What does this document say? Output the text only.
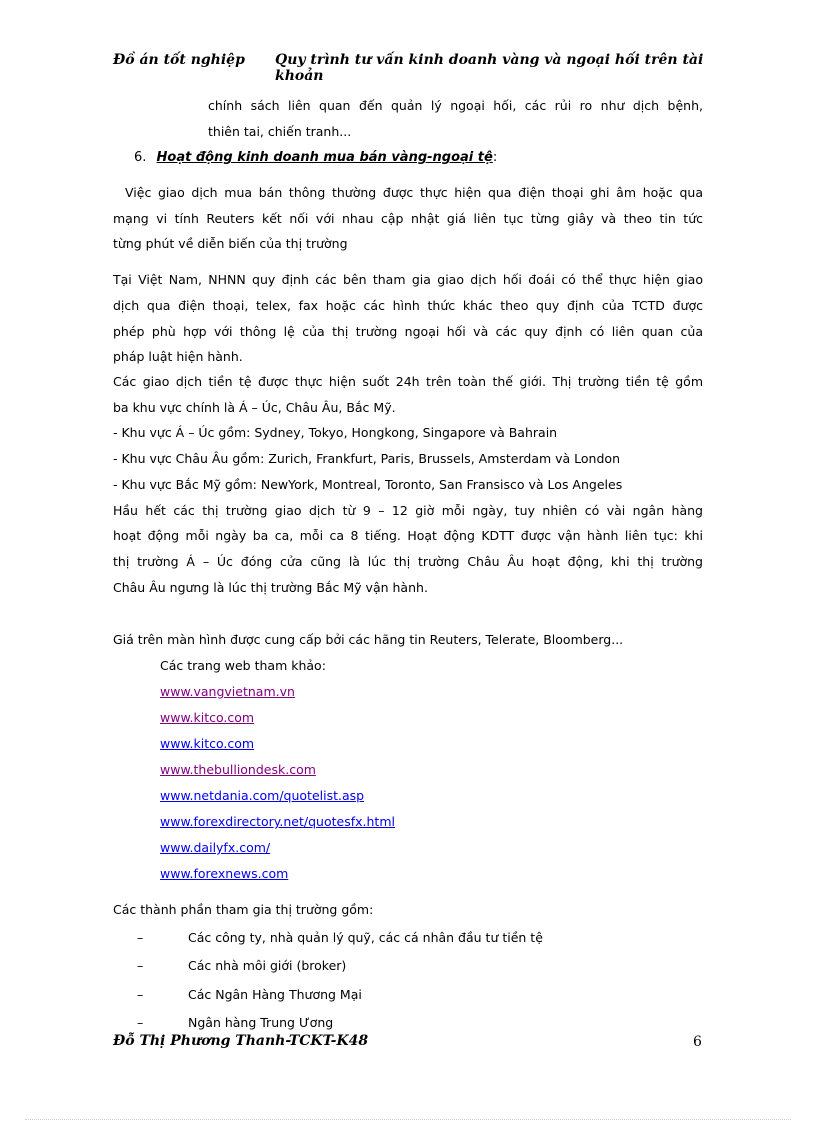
Đồ án tốt nghiệp Quy trình tư vấn kinh doanh vàng và ngoại hối trên tài khoản
chính sách liên quan đến quản lý ngoại hối, các rủi ro như dịch bệnh,
thiên tai, chiến tranh...
6. Hoạt động kinh doanh mua bán vàng-ngoại tệ:
Việc giao dịch mua bán thông thường được thực hiện qua điện thoại ghi âm hoặc qua
mạng vi tính Reuters kết nối với nhau cập nhật giá liên tục từng giây và theo tin tức
từng phút về diễn biến của thị trường
Tại Việt Nam, NHNN quy định các bên tham gia giao dịch hối đoái có thể thực hiện giao
dịch qua điện thoại, telex, fax hoặc các hình thức khác theo quy định của TCTD được
phép phù hợp với thông lệ của thị trường ngoại hối và các quy định có liên quan của
pháp luật hiện hành.
Các giao dịch tiền tệ được thực hiện suốt 24h trên toàn thế giới. Thị trường tiền tệ gồm
ba khu vực chính là Á – Úc, Châu Âu, Bắc Mỹ.
- Khu vực Á – Úc gồm: Sydney, Tokyo, Hongkong, Singapore và Bahrain
- Khu vực Châu Âu gồm: Zurich, Frankfurt, Paris, Brussels, Amsterdam và London
- Khu vực Bắc Mỹ gồm: NewYork, Montreal, Toronto, San Fransisco và Los Angeles
Hầu hết các thị trường giao dịch từ 9 – 12 giờ mỗi ngày, tuy nhiên có vài ngân hàng
hoạt động mỗi ngày ba ca, mỗi ca 8 tiếng. Hoạt động KDTT được vận hành liên tục: khi
thị trường Á – Úc đóng cửa cũng là lúc thị trường Châu Âu hoạt động, khi thị trường
Châu Âu ngưng là lúc thị trường Bắc Mỹ vận hành.
Giá trên màn hình được cung cấp bởi các hãng tin Reuters, Telerate, Bloomberg...
Các trang web tham khảo:
www.vangvietnam.vn
www.kitco.com
www.kitco.com
www.thebulliondesk.com
www.netdania.com/quotelist.asp
www.forexdirectory.net/quotesfx.html
www.dailyfx.com/
www.forexnews.com
Các thành phần tham gia thị trường gồm:
–	Các công ty, nhà quản lý quỹ, các cá nhân đầu tư tiền tệ
–	Các nhà môi giới (broker)
–	Các Ngân Hàng Thương Mại
–	Ngân hàng Trung Ương
Đỗ Thị Phương Thanh-TCKT-K48	6
